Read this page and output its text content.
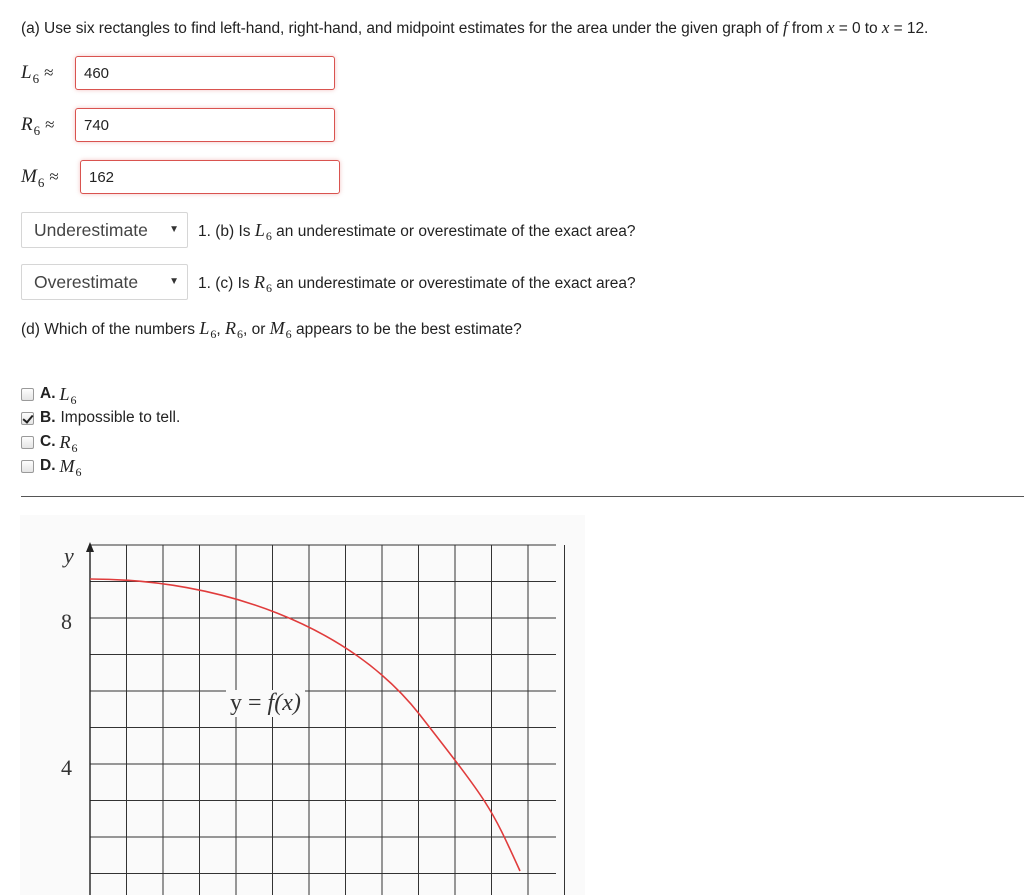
(a) Use six rectangles to find left-hand, right-hand, and midpoint estimates for the area under the given graph of f from x = 0 to x = 12.
$L_6$ ≈
460
$R_6$ ≈
740
$M_6$ ≈
162
Underestimate ▼ 1. (b) Is $L_6$ an underestimate or overestimate of the exact area?
Overestimate	▼ 1. (c) Is $R_6$ an underestimate or overestimate of the exact area?
(d) Which of the numbers $L_6$, $R_6$, or $M_6$ appears to be the best estimate?
A. $L_6$
B. Impossible to tell.
C. $R_6$
D. $M_6$
y
8
4
y = f(x)
